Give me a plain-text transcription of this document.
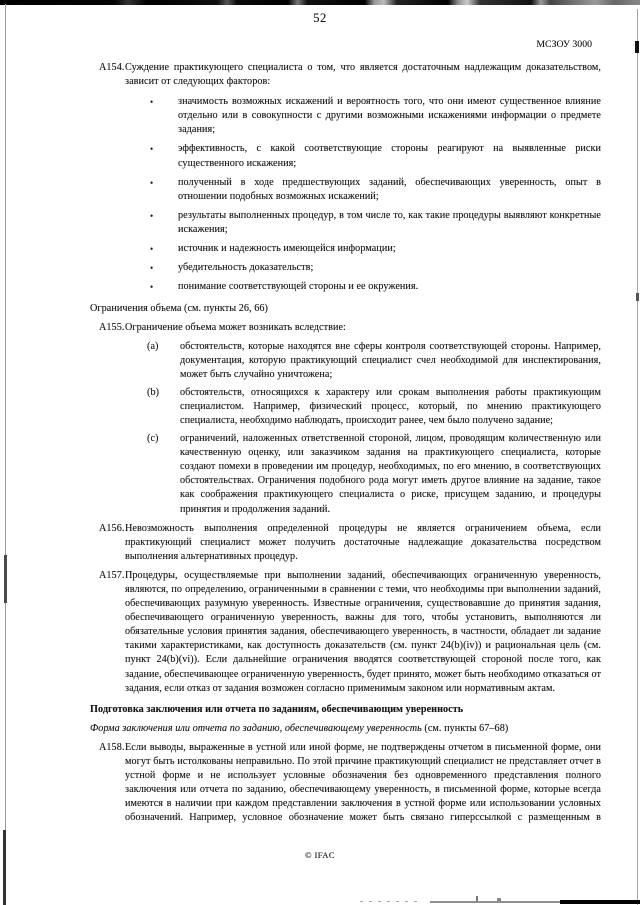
52
МСЗОУ 3000
A154. Суждение практикующего специалиста о том, что является достаточным надлежащим доказательством, зависит от следующих факторов:

•	значимость возможных искажений и вероятность того, что они имеют существенное влияние отдельно или в совокупности с другими возможными искажениями информации о предмете задания;
•	эффективность, с какой соответствующие стороны реагируют на выявленные риски существенного искажения;
•	полученный в ходе предшествующих заданий, обеспечивающих уверенность, опыт в отношении подобных возможных искажений;
•	результаты выполненных процедур, в том числе то, как такие процедуры выявляют конкретные искажения;
•	источник и надежность имеющейся информации;
•	убедительность доказательств;
•	понимание соответствующей стороны и ее окружения.
Ограничения объема (см. пункты 26, 66)
A155. Ограничение объема может возникать вследствие:

(a)	обстоятельств, которые находятся вне сферы контроля соответствующей стороны. Например, документация, которую практикующий специалист счел необходимой для инспектирования, может быть случайно уничтожена;
(b)	обстоятельств, относящихся к характеру или срокам выполнения работы практикующим специалистом. Например, физический процесс, который, по мнению практикующего специалиста, необходимо наблюдать, происходит ранее, чем было получено задание;
(c)	ограничений, наложенных ответственной стороной, лицом, проводящим количественную или качественную оценку, или заказчиком задания на практикующего специалиста, которые создают помехи в проведении им процедур, необходимых, по его мнению, в соответствующих обстоятельствах. Ограничения подобного рода могут иметь другое влияние на задание, такое как соображения практикующего специалиста о риске, присущем заданию, и процедуры принятия и продолжения заданий.
A156. Невозможность выполнения определенной процедуры не является ограничением объема, если практикующий специалист может получить достаточные надлежащие доказательства посредством выполнения альтернативных процедур.

A157. Процедуры, осуществляемые при выполнении заданий, обеспечивающих ограниченную уверенность, являются, по определению, ограниченными в сравнении с теми, что необходимы при выполнении заданий, обеспечивающих разумную уверенность. Известные ограничения, существовавшие до принятия задания, обеспечивающего ограниченную уверенность, важны для того, чтобы установить, выполняются ли обязательные условия принятия задания, обеспечивающего уверенность, в частности, обладает ли задание такими характеристиками, как доступность доказательств (см. пункт 24(b)(iv)) и рациональная цель (см. пункт 24(b)(vi)). Если дальнейшие ограничения вводятся соответствующей стороной после того, как задание, обеспечивающее ограниченную уверенность, будет принято, может быть необходимо отказаться от задания, если отказ от задания возможен согласно применимым законом или нормативным актам.

Подготовка заключения или отчета по заданиям, обеспечивающим уверенность
Форма заключения или отчета по заданию, обеспечивающему уверенность (см. пункты 67–68)
A158. Если выводы, выраженные в устной или иной форме, не подтверждены отчетом в письменной форме, они могут быть истолкованы неправильно. По этой причине практикующий специалист не представляет отчет в устной форме и не использует условные обозначения без одновременного представления полного заключения или отчета по заданию, обеспечивающему уверенность, в письменной форме, которые всегда имеются в наличии при каждом представлении заключения в устной форме или использовании условных обозначений. Например, условное обозначение может быть связано гиперссылкой с размещенным в

© IFAC
